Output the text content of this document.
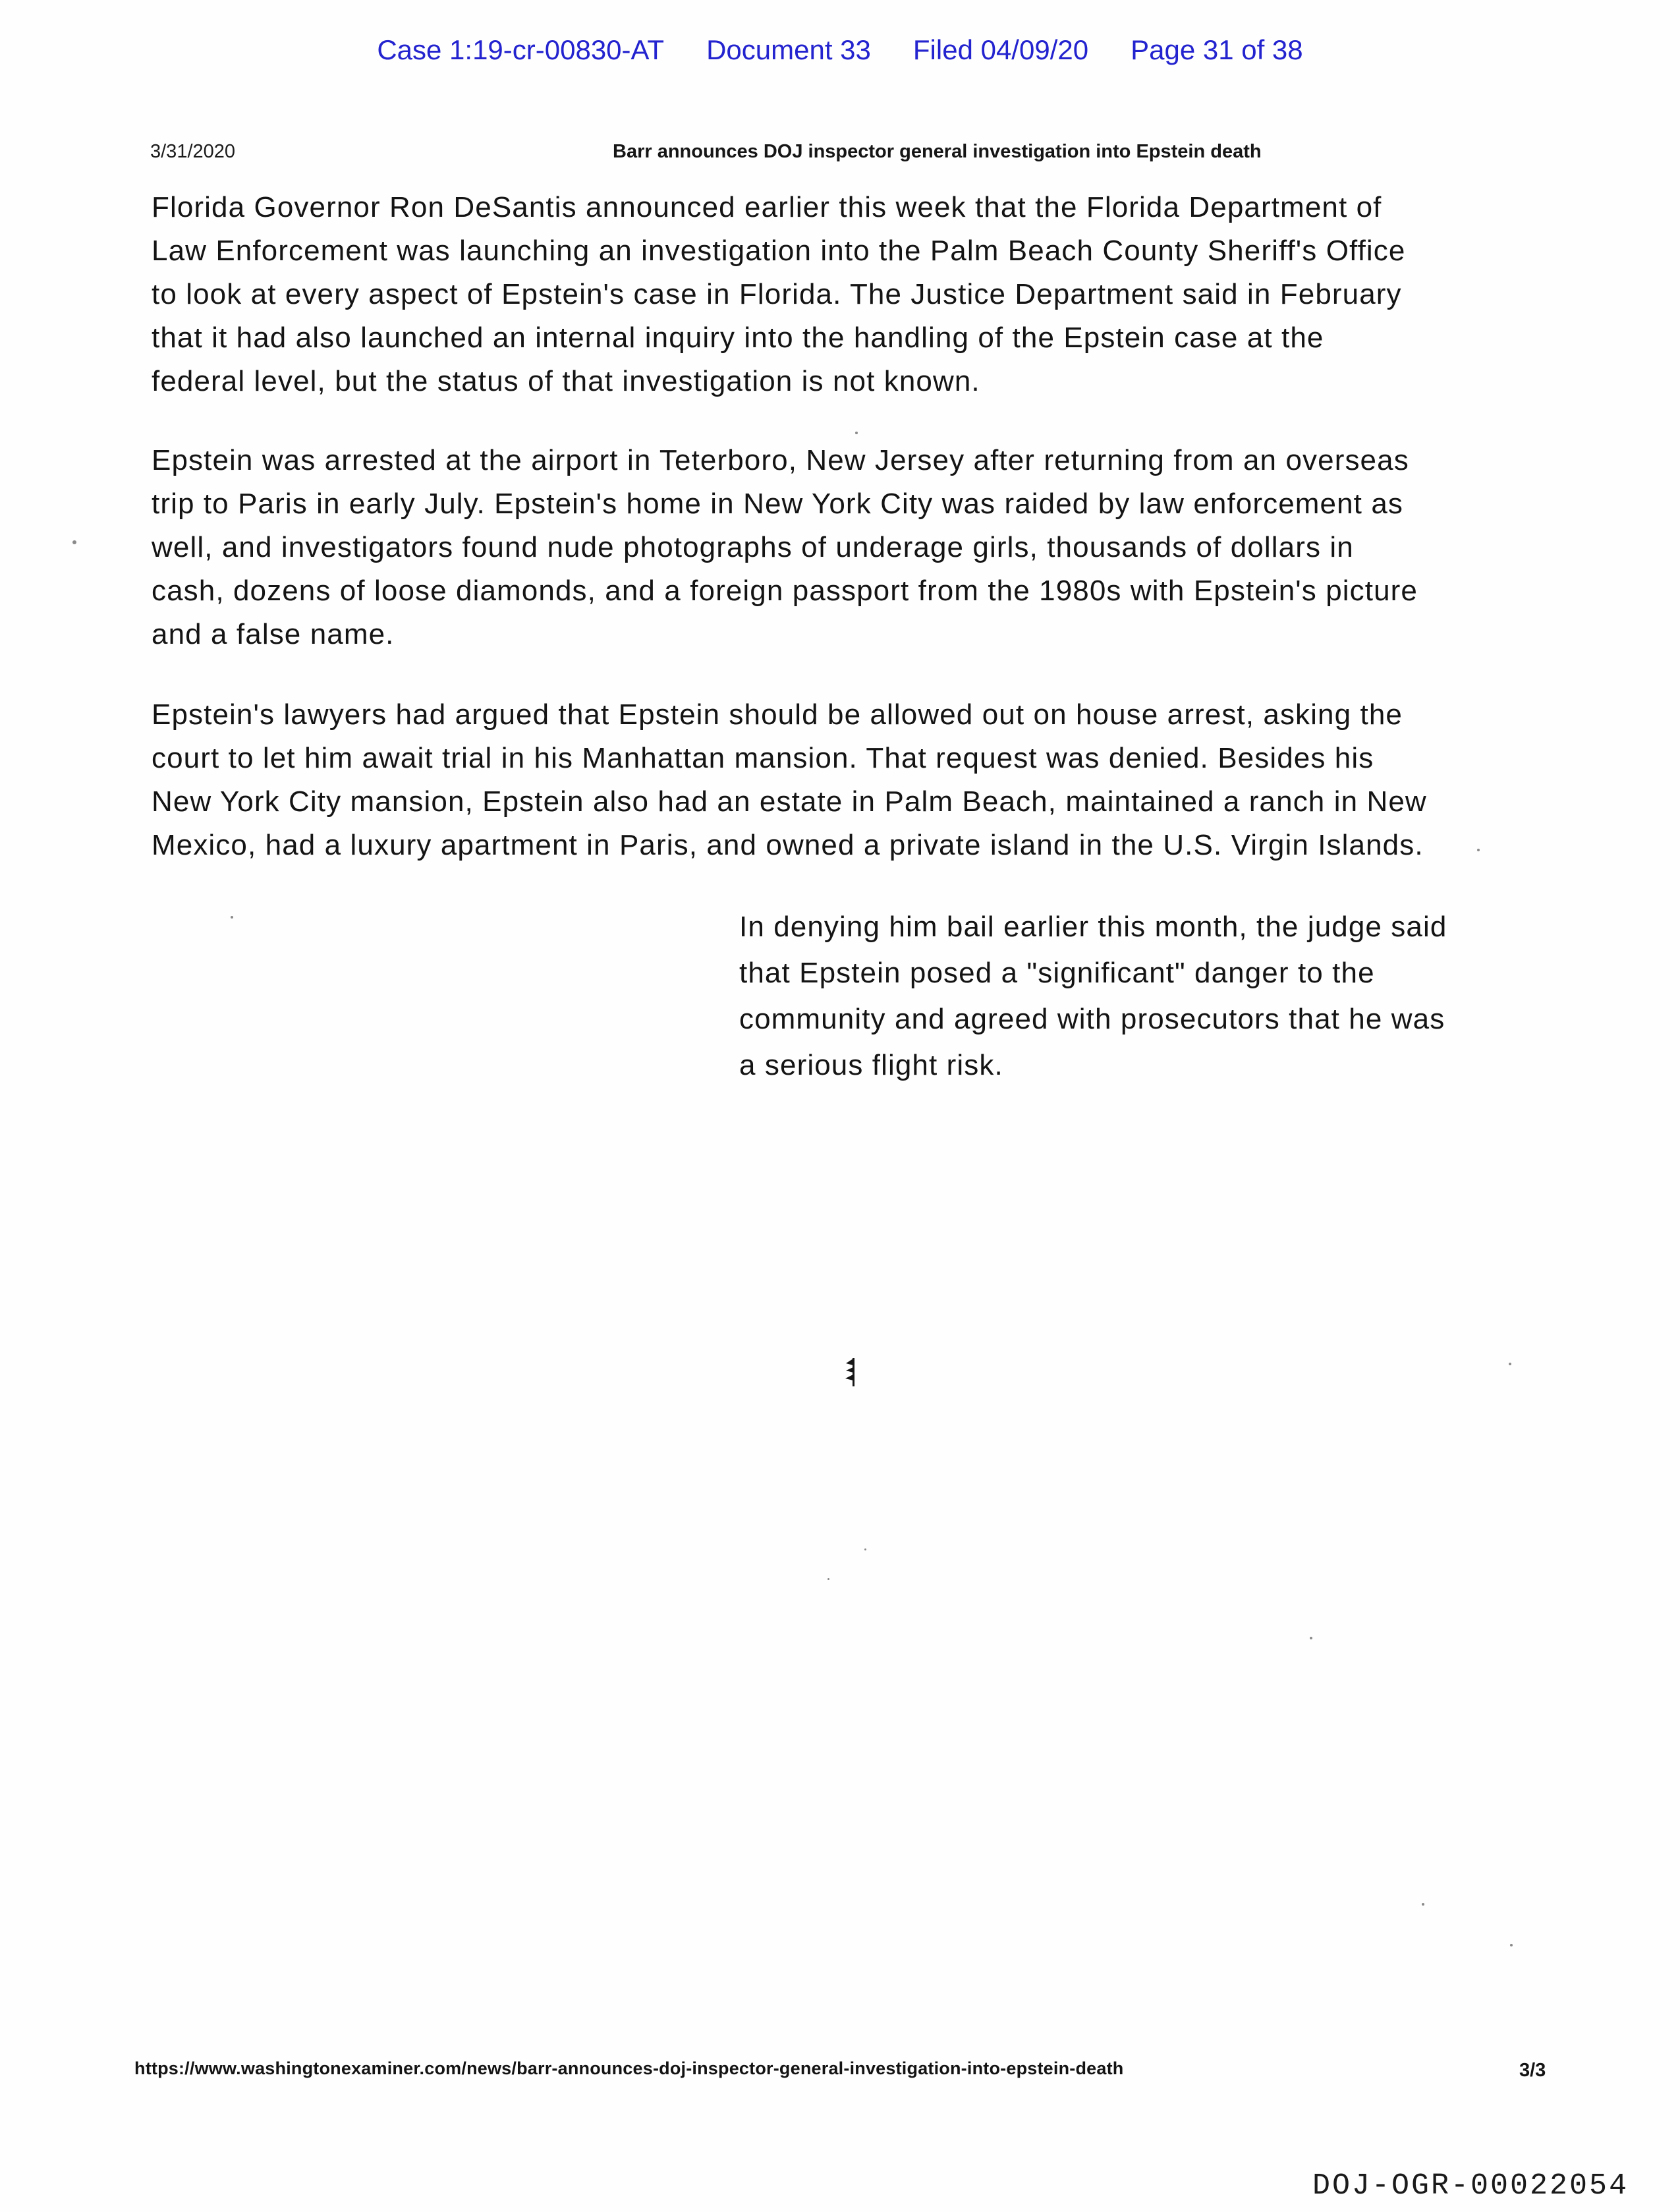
Case 1:19-cr-00830-AT Document 33 Filed 04/09/20 Page 31 of 38
3/31/2020	Barr announces DOJ inspector general investigation into Epstein death
Florida Governor Ron DeSantis announced earlier this week that the Florida Department of
Law Enforcement was launching an investigation into the Palm Beach County Sheriff's Office
to look at every aspect of Epstein's case in Florida. The Justice Department said in February
that it had also launched an internal inquiry into the handling of the Epstein case at the
federal level, but the status of that investigation is not known.
Epstein was arrested at the airport in Teterboro, New Jersey after returning from an overseas
trip to Paris in early July. Epstein's home in New York City was raided by law enforcement as
well, and investigators found nude photographs of underage girls, thousands of dollars in
cash, dozens of loose diamonds, and a foreign passport from the 1980s with Epstein's picture
and a false name.
Epstein's lawyers had argued that Epstein should be allowed out on house arrest, asking the
court to let him await trial in his Manhattan mansion. That request was denied. Besides his
New York City mansion, Epstein also had an estate in Palm Beach, maintained a ranch in New
Mexico, had a luxury apartment in Paris, and owned a private island in the U.S. Virgin Islands.
In denying him bail earlier this month, the judge said
that Epstein posed a "significant" danger to the
community and agreed with prosecutors that he was
a serious flight risk.
https://www.washingtonexaminer.com/news/barr-announces-doj-inspector-general-investigation-into-epstein-death	3/3
DOJ-OGR-00022054
